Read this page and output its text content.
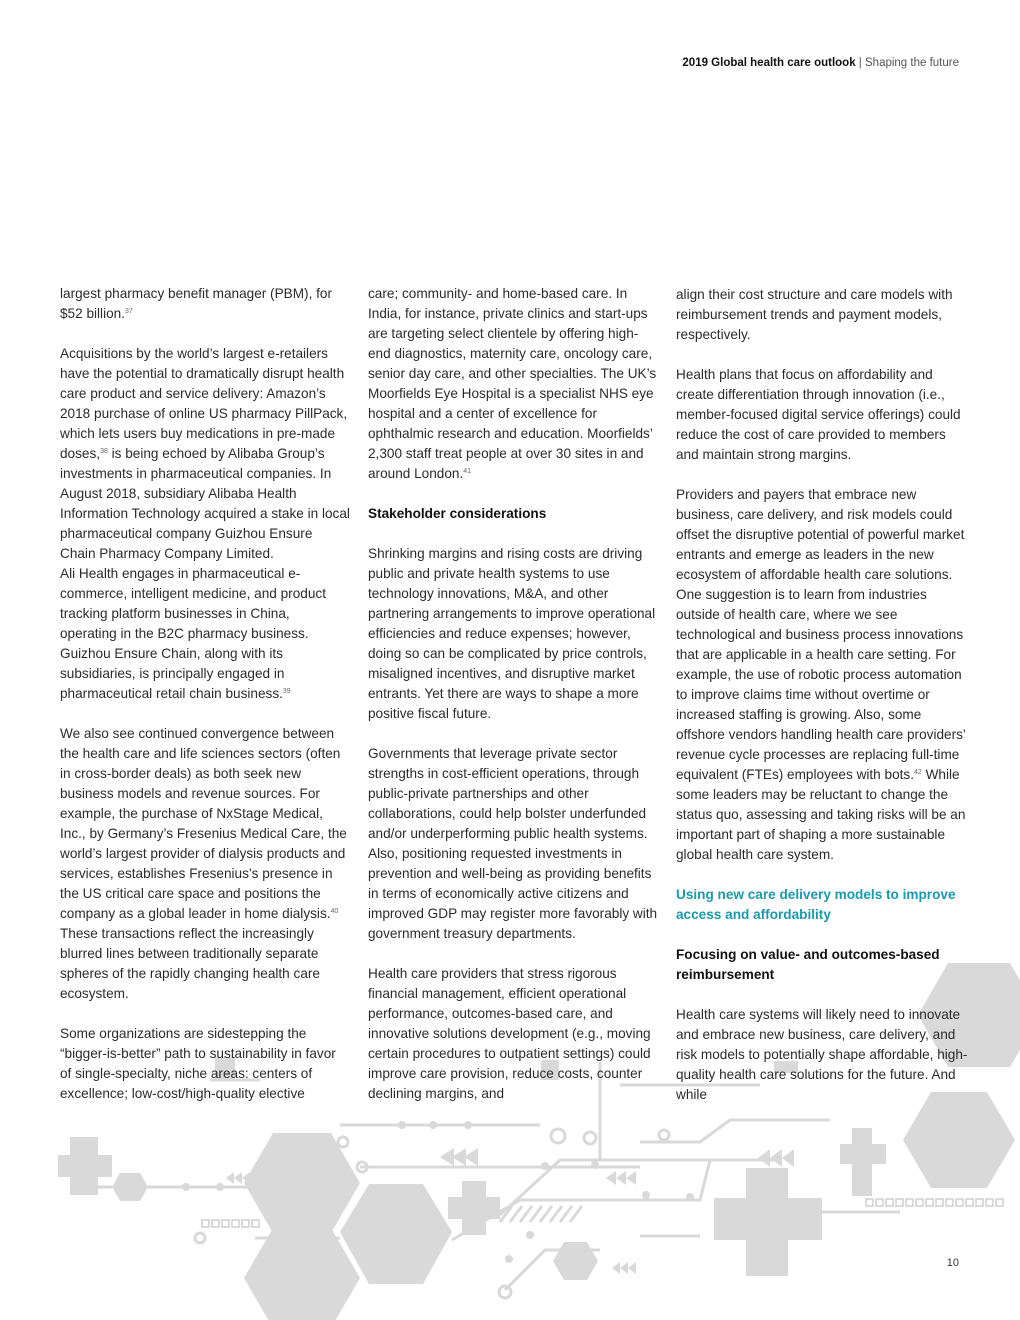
2019 Global health care outlook | Shaping the future

largest pharmacy benefit manager (PBM), for $52 billion.$^{37}$

Acquisitions by the world’s largest e-retailers have the potential to dramatically disrupt health care product and service delivery: Amazon’s 2018 purchase of online US pharmacy PillPack, which lets users buy medications in pre-made doses,$^{38}$ is being echoed by Alibaba Group’s investments in pharmaceutical companies. In August 2018, subsidiary Alibaba Health Information Technology acquired a stake in local pharmaceutical company Guizhou Ensure Chain Pharmacy Company Limited.
Ali Health engages in pharmaceutical e-commerce, intelligent medicine, and product tracking platform businesses in China, operating in the B2C pharmacy business. Guizhou Ensure Chain, along with its subsidiaries, is principally engaged in pharmaceutical retail chain business.$^{39}$

We also see continued convergence between the health care and life sciences sectors (often in cross-border deals) as both seek new business models and revenue sources. For example, the purchase of NxStage Medical, Inc., by Germany’s Fresenius Medical Care, the world’s largest provider of dialysis products and services, establishes Fresenius’s presence in the US critical care space and positions the company as a global leader in home dialysis.$^{40}$ These transactions reflect the increasingly blurred lines between traditionally separate spheres of the rapidly changing health care ecosystem.

Some organizations are sidestepping the “bigger-is-better” path to sustainability in favor of single-specialty, niche areas: centers of excellence; low-cost/high-quality elective

care; community- and home-based care. In India, for instance, private clinics and start-ups are targeting select clientele by offering high-end diagnostics, maternity care, oncology care, senior day care, and other specialties. The UK’s Moorfields Eye Hospital is a specialist NHS eye hospital and a center of excellence for ophthalmic research and education. Moorfields’ 2,300 staff treat people at over 30 sites in and around London.$^{41}$

Stakeholder considerations

Shrinking margins and rising costs are driving public and private health systems to use technology innovations, M&A, and other partnering arrangements to improve operational efficiencies and reduce expenses; however, doing so can be complicated by price controls, misaligned incentives, and disruptive market entrants. Yet there are ways to shape a more positive fiscal future.

Governments that leverage private sector strengths in cost-efficient operations, through public-private partnerships and other collaborations, could help bolster underfunded and/or underperforming public health systems. Also, positioning requested investments in prevention and well-being as providing benefits in terms of economically active citizens and improved GDP may register more favorably with government treasury departments.

Health care providers that stress rigorous financial management, efficient operational performance, outcomes-based care, and innovative solutions development (e.g., moving certain procedures to outpatient settings) could improve care provision, reduce costs, counter declining margins, and

align their cost structure and care models with reimbursement trends and payment models, respectively.

Health plans that focus on affordability and create differentiation through innovation (i.e., member-focused digital service offerings) could reduce the cost of care provided to members and maintain strong margins.

Providers and payers that embrace new business, care delivery, and risk models could offset the disruptive potential of powerful market entrants and emerge as leaders in the new ecosystem of affordable health care solutions. One suggestion is to learn from industries outside of health care, where we see technological and business process innovations that are applicable in a health care setting. For example, the use of robotic process automation to improve claims time without overtime or increased staffing is growing. Also, some offshore vendors handling health care providers’ revenue cycle processes are replacing full-time equivalent (FTEs) employees with bots.$^{42}$ While some leaders may be reluctant to change the status quo, assessing and taking risks will be an important part of shaping a more sustainable global health care system.

Using new care delivery models to improve access and affordability

Focusing on value- and outcomes-based reimbursement

Health care systems will likely need to innovate and embrace new business, care delivery, and risk models to potentially shape affordable, high-quality health care solutions for the future. And while

10
